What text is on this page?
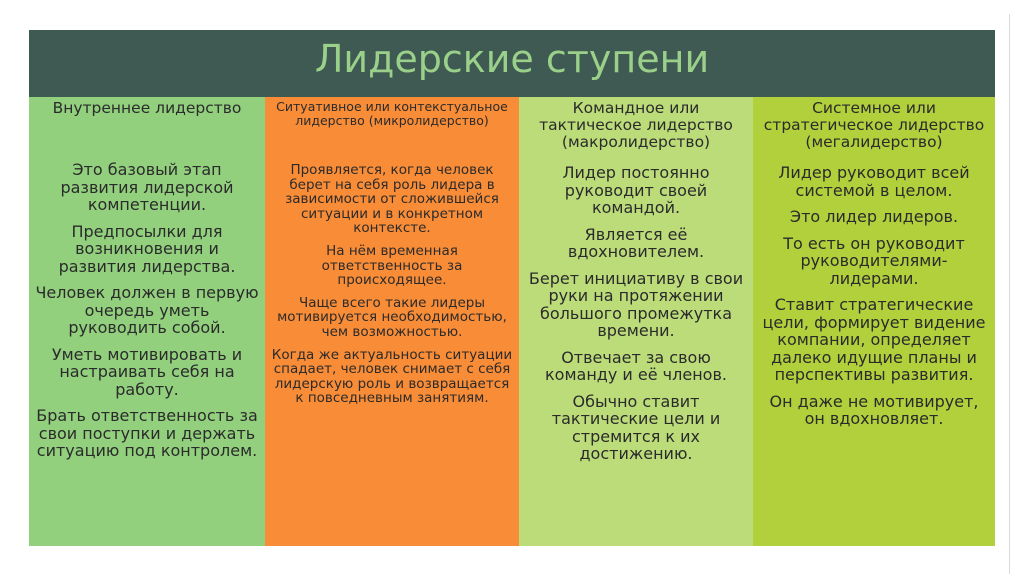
Лидерские ступени
Внутреннее лидерство

Это базовый этап развития лидерской компетенции.

Предпосылки для возникновения и развития лидерства.

Человек должен в первую очередь уметь руководить собой.

Уметь мотивировать и настраивать себя на работу.

Брать ответственность за свои поступки и держать ситуацию под контролем.

Ситуативное или контекстуальное лидерство (микролидерство)

Проявляется, когда человек берет на себя роль лидера в зависимости от сложившейся ситуации и в конкретном контексте.

На нём временная ответственность за происходящее.

Чаще всего такие лидеры мотивируется необходимостью, чем возможностью.

Когда же актуальность ситуации спадает, человек снимает с себя лидерскую роль и возвращается к повседневным занятиям.

Командное или тактическое лидерство (макролидерство)

Лидер постоянно руководит своей командой.

Является её вдохновителем.

Берет инициативу в свои руки на протяжении большого промежутка времени.

Отвечает за свою команду и её членов.

Обычно ставит тактические цели и стремится к их достижению.

Системное или стратегическое лидерство (мегалидерство)

Лидер руководит всей системой в целом.

Это лидер лидеров.

То есть он руководит руководителями-лидерами.

Ставит стратегические цели, формирует видение компании, определяет далеко идущие планы и перспективы развития.

Он даже не мотивирует, он вдохновляет.
